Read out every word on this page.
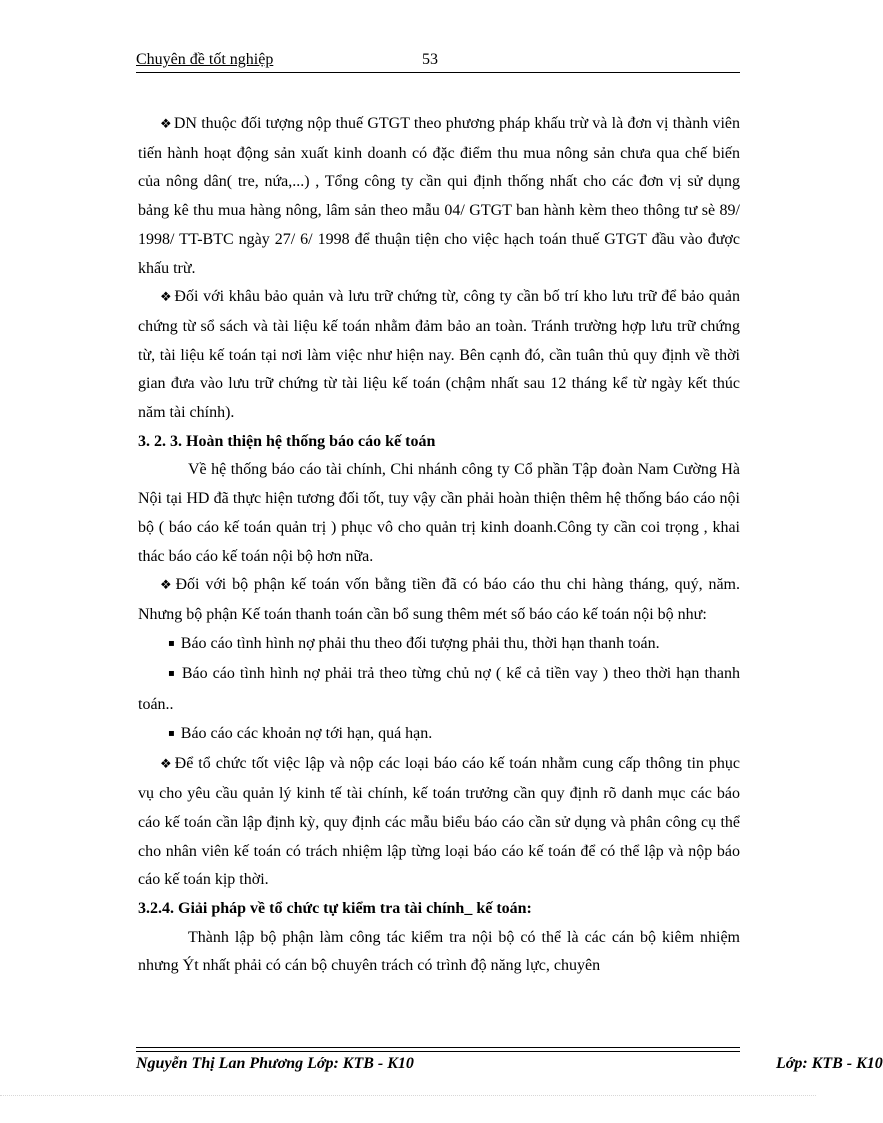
Chuyên đề tốt nghiệp	53

❖ DN thuộc đối tượng nộp thuế GTGT theo phương pháp khấu trừ và là đơn vị thành viên tiến hành hoạt động sản xuất kinh doanh có đặc điểm thu mua nông sản chưa qua chế biến của nông dân( tre, nứa,...) , Tổng công ty cần qui định thống nhất cho các đơn vị sử dụng bảng kê thu mua hàng nông, lâm sản theo mẫu 04/ GTGT ban hành kèm theo thông tư sè 89/ 1998/ TT-BTC ngày 27/ 6/ 1998 để thuận tiện cho việc hạch toán thuế GTGT đầu vào được khấu trừ.

❖ Đối với khâu bảo quản và lưu trữ chứng từ, công ty cần bố trí kho lưu trữ để bảo quản chứng từ sổ sách và tài liệu kế toán nhằm đảm bảo an toàn. Tránh trường hợp lưu trữ chứng từ, tài liệu kế toán tại nơi làm việc như hiện nay. Bên cạnh đó, cần tuân thủ quy định về thời gian đưa vào lưu trữ chứng từ tài liệu kế toán (chậm nhất sau 12 tháng kể từ ngày kết thúc năm tài chính).

3. 2. 3. Hoàn thiện hệ thống báo cáo kế toán

Về hệ thống báo cáo tài chính, Chi nhánh công ty Cổ phần Tập đoàn Nam Cường Hà Nội tại HD đã thực hiện tương đối tốt, tuy vậy cần phải hoàn thiện thêm hệ thống báo cáo nội bộ ( báo cáo kế toán quản trị ) phục vô cho quản trị kinh doanh.Công ty cần coi trọng , khai thác báo cáo kế toán nội bộ hơn nữa.

❖ Đối với bộ phận kế toán vốn bằng tiền đã có báo cáo thu chi hàng tháng, quý, năm. Nhưng bộ phận Kế toán thanh toán cần bổ sung thêm mét số báo cáo kế toán nội bộ như:

▪ Báo cáo tình hình nợ phải thu theo đối tượng phải thu, thời hạn thanh toán.

▪ Báo cáo tình hình nợ phải trả theo từng chủ nợ ( kể cả tiền vay ) theo thời hạn thanh toán..

▪ Báo cáo các khoản nợ tới hạn, quá hạn.

❖ Để tổ chức tốt việc lập và nộp các loại báo cáo kế toán nhằm cung cấp thông tin phục vụ cho yêu cầu quản lý kinh tế tài chính, kế toán trưởng cần quy định rõ danh mục các báo cáo kế toán cần lập định kỳ, quy định các mẫu biểu báo cáo cần sử dụng và phân công cụ thể cho nhân viên kế toán có trách nhiệm lập từng loại báo cáo kế toán để có thể lập và nộp báo cáo kế toán kịp thời.

3.2.4. Giải pháp về tổ chức tự kiểm tra tài chính_ kế toán:

Thành lập bộ phận làm công tác kiểm tra nội bộ có thể là các cán bộ kiêm nhiệm nhưng Ýt nhất phải có cán bộ chuyên trách có trình độ năng lực, chuyên

Nguyễn Thị Lan Phương Lớp: KTB - K10	Lớp: KTB - K10
